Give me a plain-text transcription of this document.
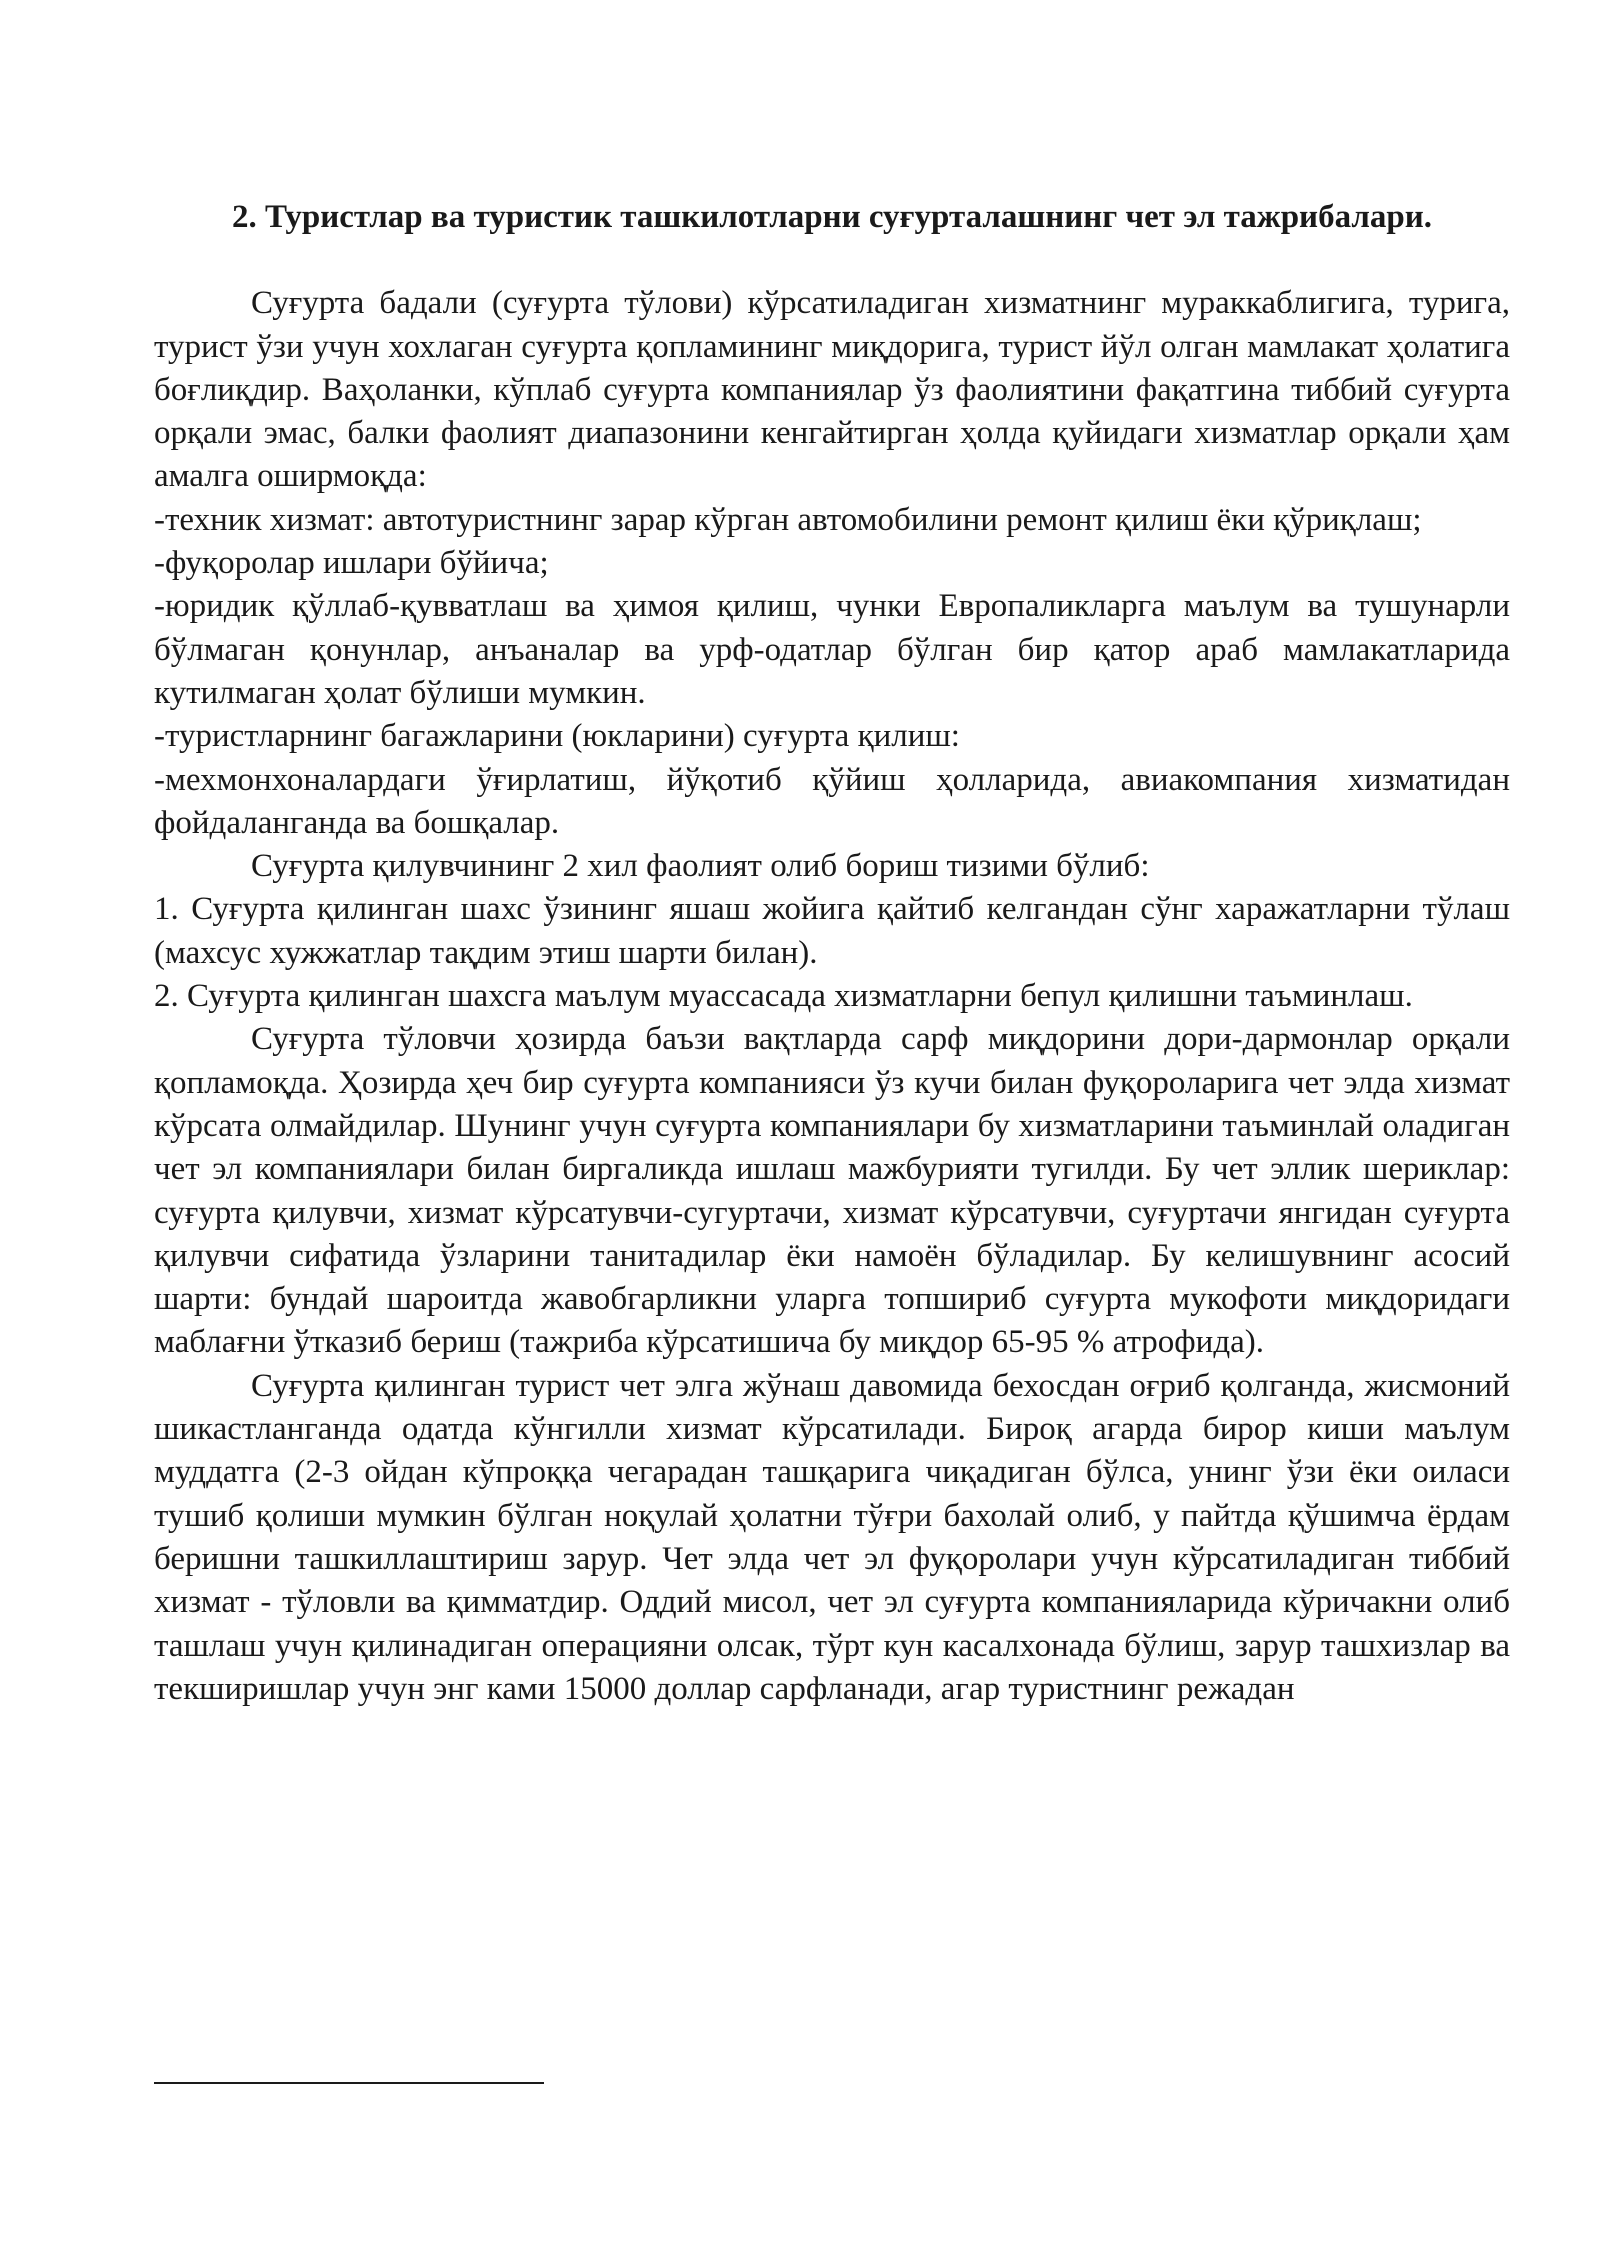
2. Туристлар ва туристик ташкилотларни суғурталашнинг чет эл тажрибалари.

Суғурта бадали (суғурта тўлови) кўрсатиладиган хизматнинг мураккаблигига, турига, турист ўзи учун хохлаган суғурта қопламининг миқдорига, турист йўл олган мамлакат ҳолатига боғлиқдир. Ваҳоланки, кўплаб суғурта компаниялар ўз фаолиятини фақатгина тиббий суғурта орқали эмас, балки фаолият диапазонини кенгайтирган ҳолда қуйидаги хизматлар орқали ҳам амалга оширмоқда:

-техник хизмат: автотуристнинг зарар кўрган автомобилини ремонт қилиш ёки қўриқлаш;

-фуқоролар ишлари бўйича;

-юридик қўллаб-қувватлаш ва ҳимоя қилиш, чунки Европаликларга маълум ва тушунарли бўлмаган қонунлар, анъаналар ва урф-одатлар бўлган бир қатор араб мамлакатларида кутилмаган ҳолат бўлиши мумкин.

-туристларнинг багажларини (юкларини) суғурта қилиш:

-мехмонхоналардаги ўғирлатиш, йўқотиб қўйиш ҳолларида, авиакомпания хизматидан фойдаланганда ва бошқалар.

Суғурта қилувчининг 2 хил фаолият олиб бориш тизими бўлиб:

1. Суғурта қилинган шахс ўзининг яшаш жойига қайтиб келгандан сўнг харажатларни тўлаш (махсус хужжатлар тақдим этиш шарти билан).

2. Суғурта қилинган шахсга маълум муассасада хизматларни бепул қилишни таъминлаш.

Суғурта тўловчи ҳозирда баъзи вақтларда сарф миқдорини дори-дармонлар орқали қопламоқда. Ҳозирда ҳеч бир суғурта компанияси ўз кучи билан фуқороларига чет элда хизмат кўрсата олмайдилар. Шунинг учун суғурта компаниялари бу хизматларини таъминлай оладиган чет эл компаниялари билан биргаликда ишлаш мажбурияти тугилди. Бу чет эллик шериклар: суғурта қилувчи, хизмат кўрсатувчи-сугуртачи, хизмат кўрсатувчи, суғуртачи янгидан суғурта қилувчи сифатида ўзларини танитадилар ёки намоён бўладилар. Бу келишувнинг асосий шарти: бундай шароитда жавобгарликни уларга топшириб суғурта мукофоти миқдоридаги маблағни ўтказиб бериш (тажриба кўрсатишича бу миқдор 65-95 % атрофида).

Суғурта қилинган турист чет элга жўнаш давомида бехосдан оғриб қолганда, жисмоний шикастланганда одатда кўнгилли хизмат кўрсатилади. Бироқ агарда бирор киши маълум муддатга (2-3 ойдан кўпроққа чегарадан ташқарига чиқадиган бўлса, унинг ўзи ёки оиласи тушиб қолиши мумкин бўлган ноқулай ҳолатни тўғри бахолай олиб, у пайтда қўшимча ёрдам беришни ташкиллаштириш зарур. Чет элда чет эл фуқоролари учун кўрсатиладиган тиббий хизмат - тўловли ва қимматдир. Оддий мисол, чет эл суғурта компанияларида кўричакни олиб ташлаш учун қилинадиган операцияни олсак, тўрт кун касалхонада бўлиш, зарур ташхизлар ва текширишлар учун энг ками 15000 доллар сарфланади, агар туристнинг режадан
